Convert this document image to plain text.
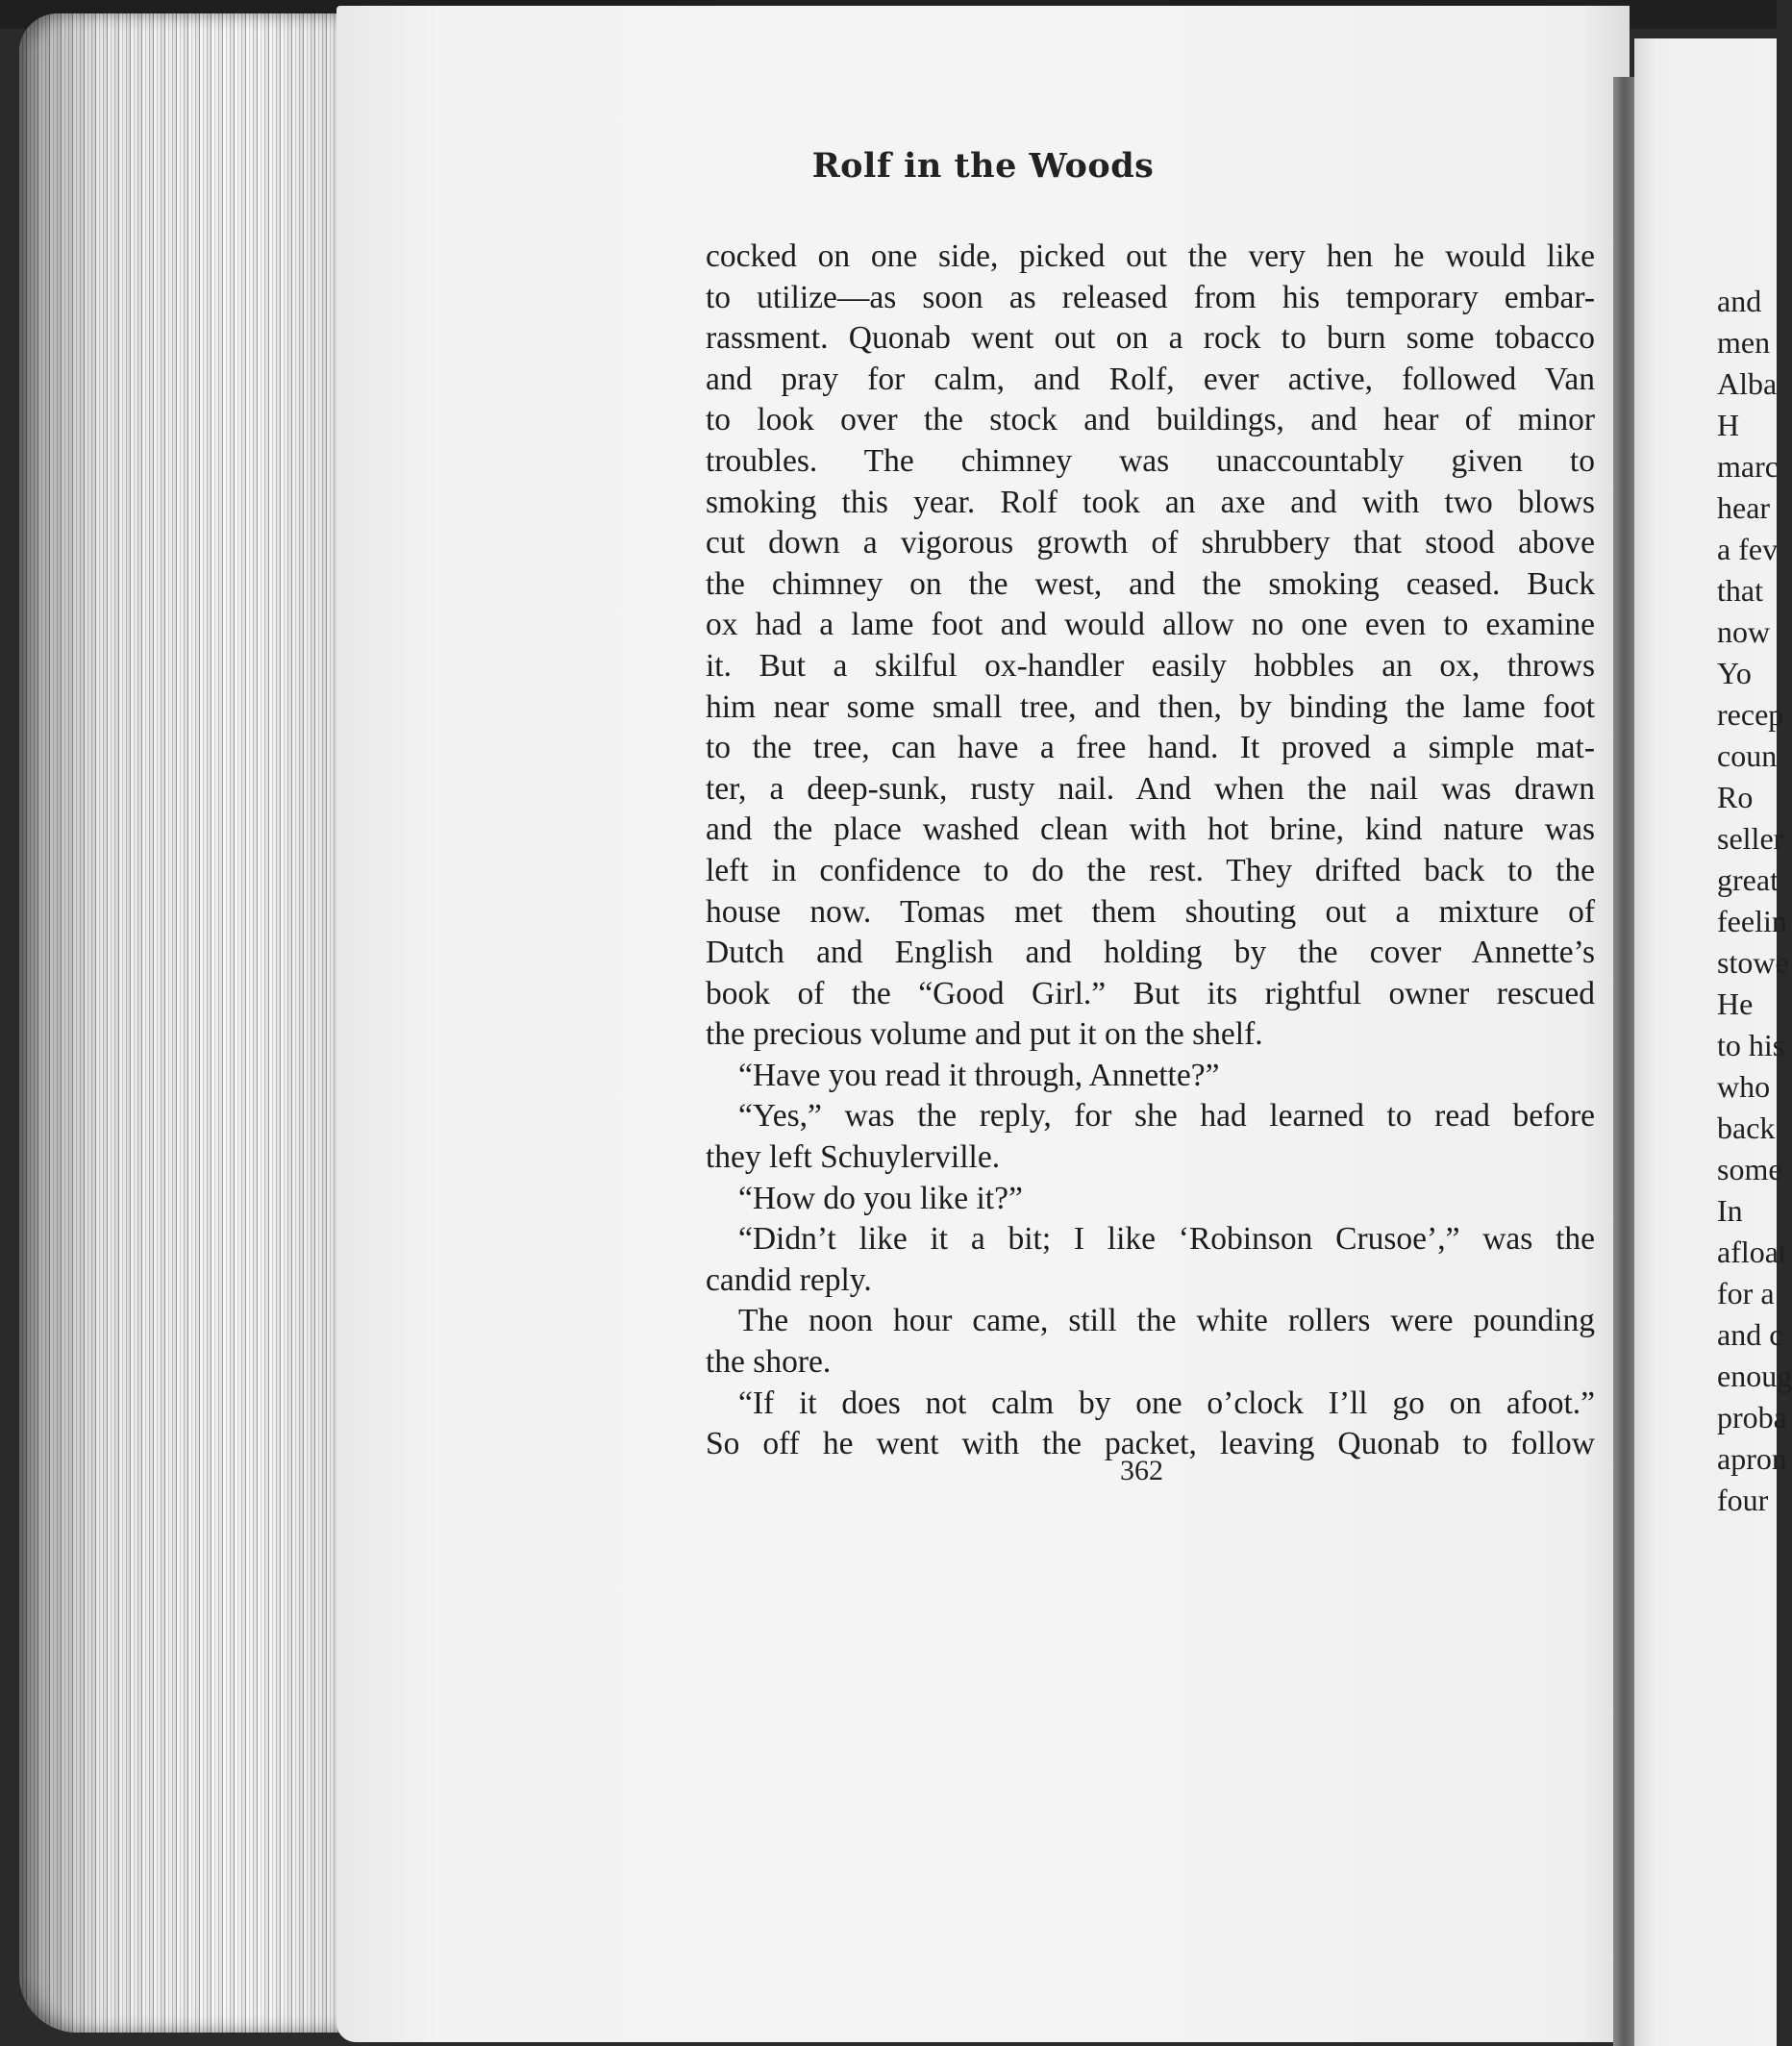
Rolf in the Woods
cocked on one side, picked out the very hen he would like
to utilize—as soon as released from his temporary embar-
rassment. Quonab went out on a rock to burn some tobacco
and pray for calm, and Rolf, ever active, followed Van
to look over the stock and buildings, and hear of minor
troubles. The chimney was unaccountably given to
smoking this year. Rolf took an axe and with two blows
cut down a vigorous growth of shrubbery that stood above
the chimney on the west, and the smoking ceased. Buck
ox had a lame foot and would allow no one even to examine
it. But a skilful ox-handler easily hobbles an ox, throws
him near some small tree, and then, by binding the lame foot
to the tree, can have a free hand. It proved a simple mat-
ter, a deep-sunk, rusty nail. And when the nail was drawn
and the place washed clean with hot brine, kind nature was
left in confidence to do the rest. They drifted back to the
house now. Tomas met them shouting out a mixture of
Dutch and English and holding by the cover Annette’s
book of the “Good Girl.” But its rightful owner rescued
the precious volume and put it on the shelf.
“Have you read it through, Annette?”
“Yes,” was the reply, for she had learned to read before
they left Schuylerville.
“How do you like it?”
“Didn’t like it a bit; I like ‘Robinson Crusoe’,” was the
candid reply.
The noon hour came, still the white rollers were pounding
the shore.
“If it does not calm by one o’clock I’ll go on afoot.”
So off he went with the packet, leaving Quonab to follow
362
and
men
Alba
H
marc
hear
a fev
that
now
Yo
recep
coun
Ro
seller
great
feelin
stowe
He
to his
who
back
some
In
afloat
for a
and c
enoug
proba
apron
four
